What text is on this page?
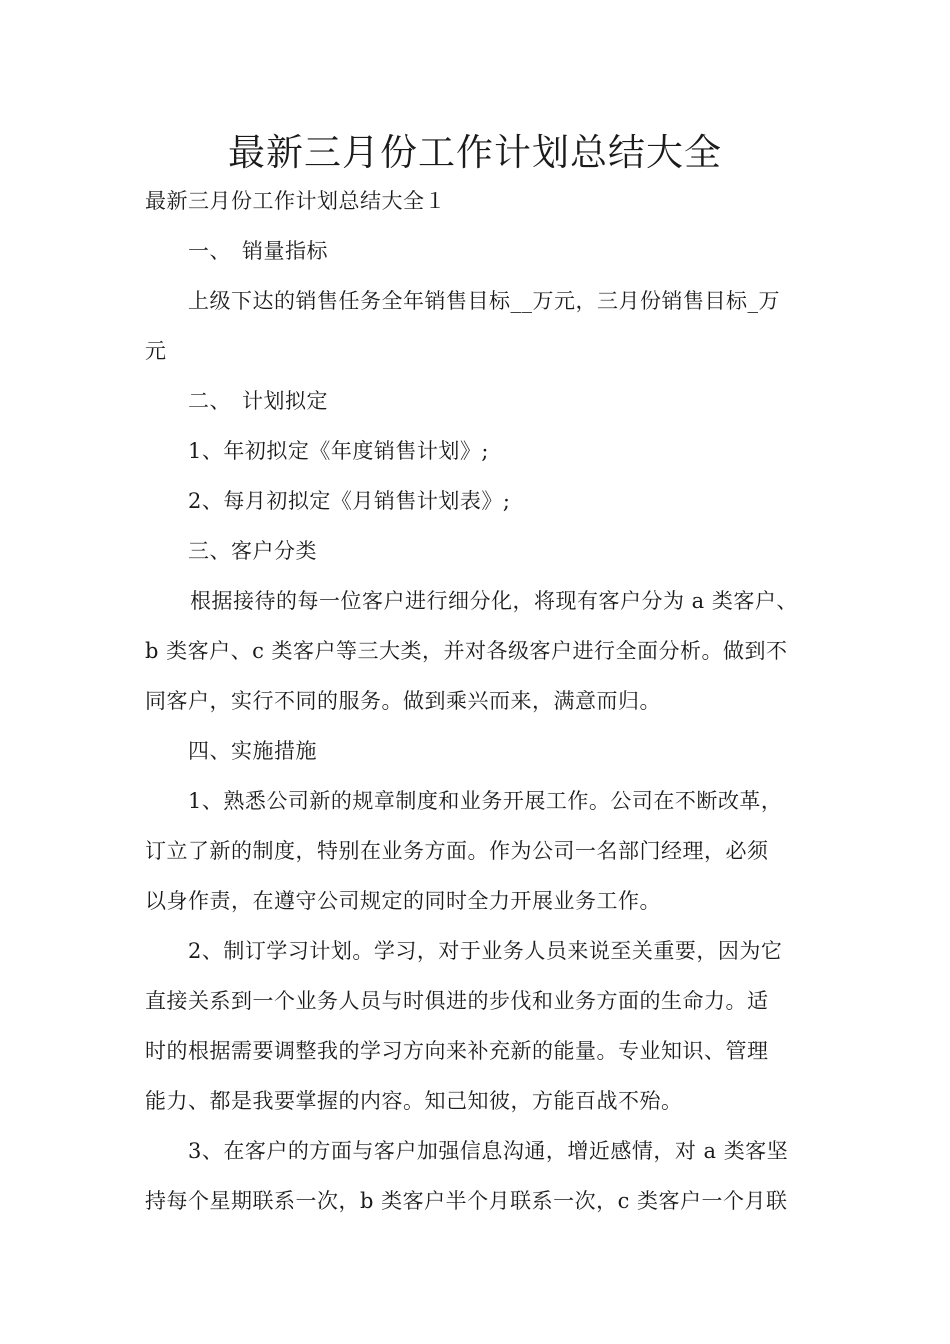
最新三月份工作计划总结大全
最新三月份工作计划总结大全１
一、　销量指标
上级下达的销售任务全年销售目标__万元，三月份销售目标_万
元
二、　计划拟定
1、年初拟定《年度销售计划》;
2、每月初拟定《月销售计划表》;
三、客户分类
根据接待的每一位客户进行细分化，将现有客户分为 a 类客户、
b 类客户、c 类客户等三大类，并对各级客户进行全面分析。做到不
同客户，实行不同的服务。做到乘兴而来，满意而归。
四、实施措施
1、熟悉公司新的规章制度和业务开展工作。公司在不断改革，
订立了新的制度，特别在业务方面。作为公司一名部门经理，必须
以身作责，在遵守公司规定的同时全力开展业务工作。
2、制订学习计划。学习，对于业务人员来说至关重要，因为它
直接关系到一个业务人员与时俱进的步伐和业务方面的生命力。适
时的根据需要调整我的学习方向来补充新的能量。专业知识、管理
能力、都是我要掌握的内容。知己知彼，方能百战不殆。
3、在客户的方面与客户加强信息沟通，增近感情，对 a 类客坚
持每个星期联系一次，b 类客户半个月联系一次，c 类客户一个月联
